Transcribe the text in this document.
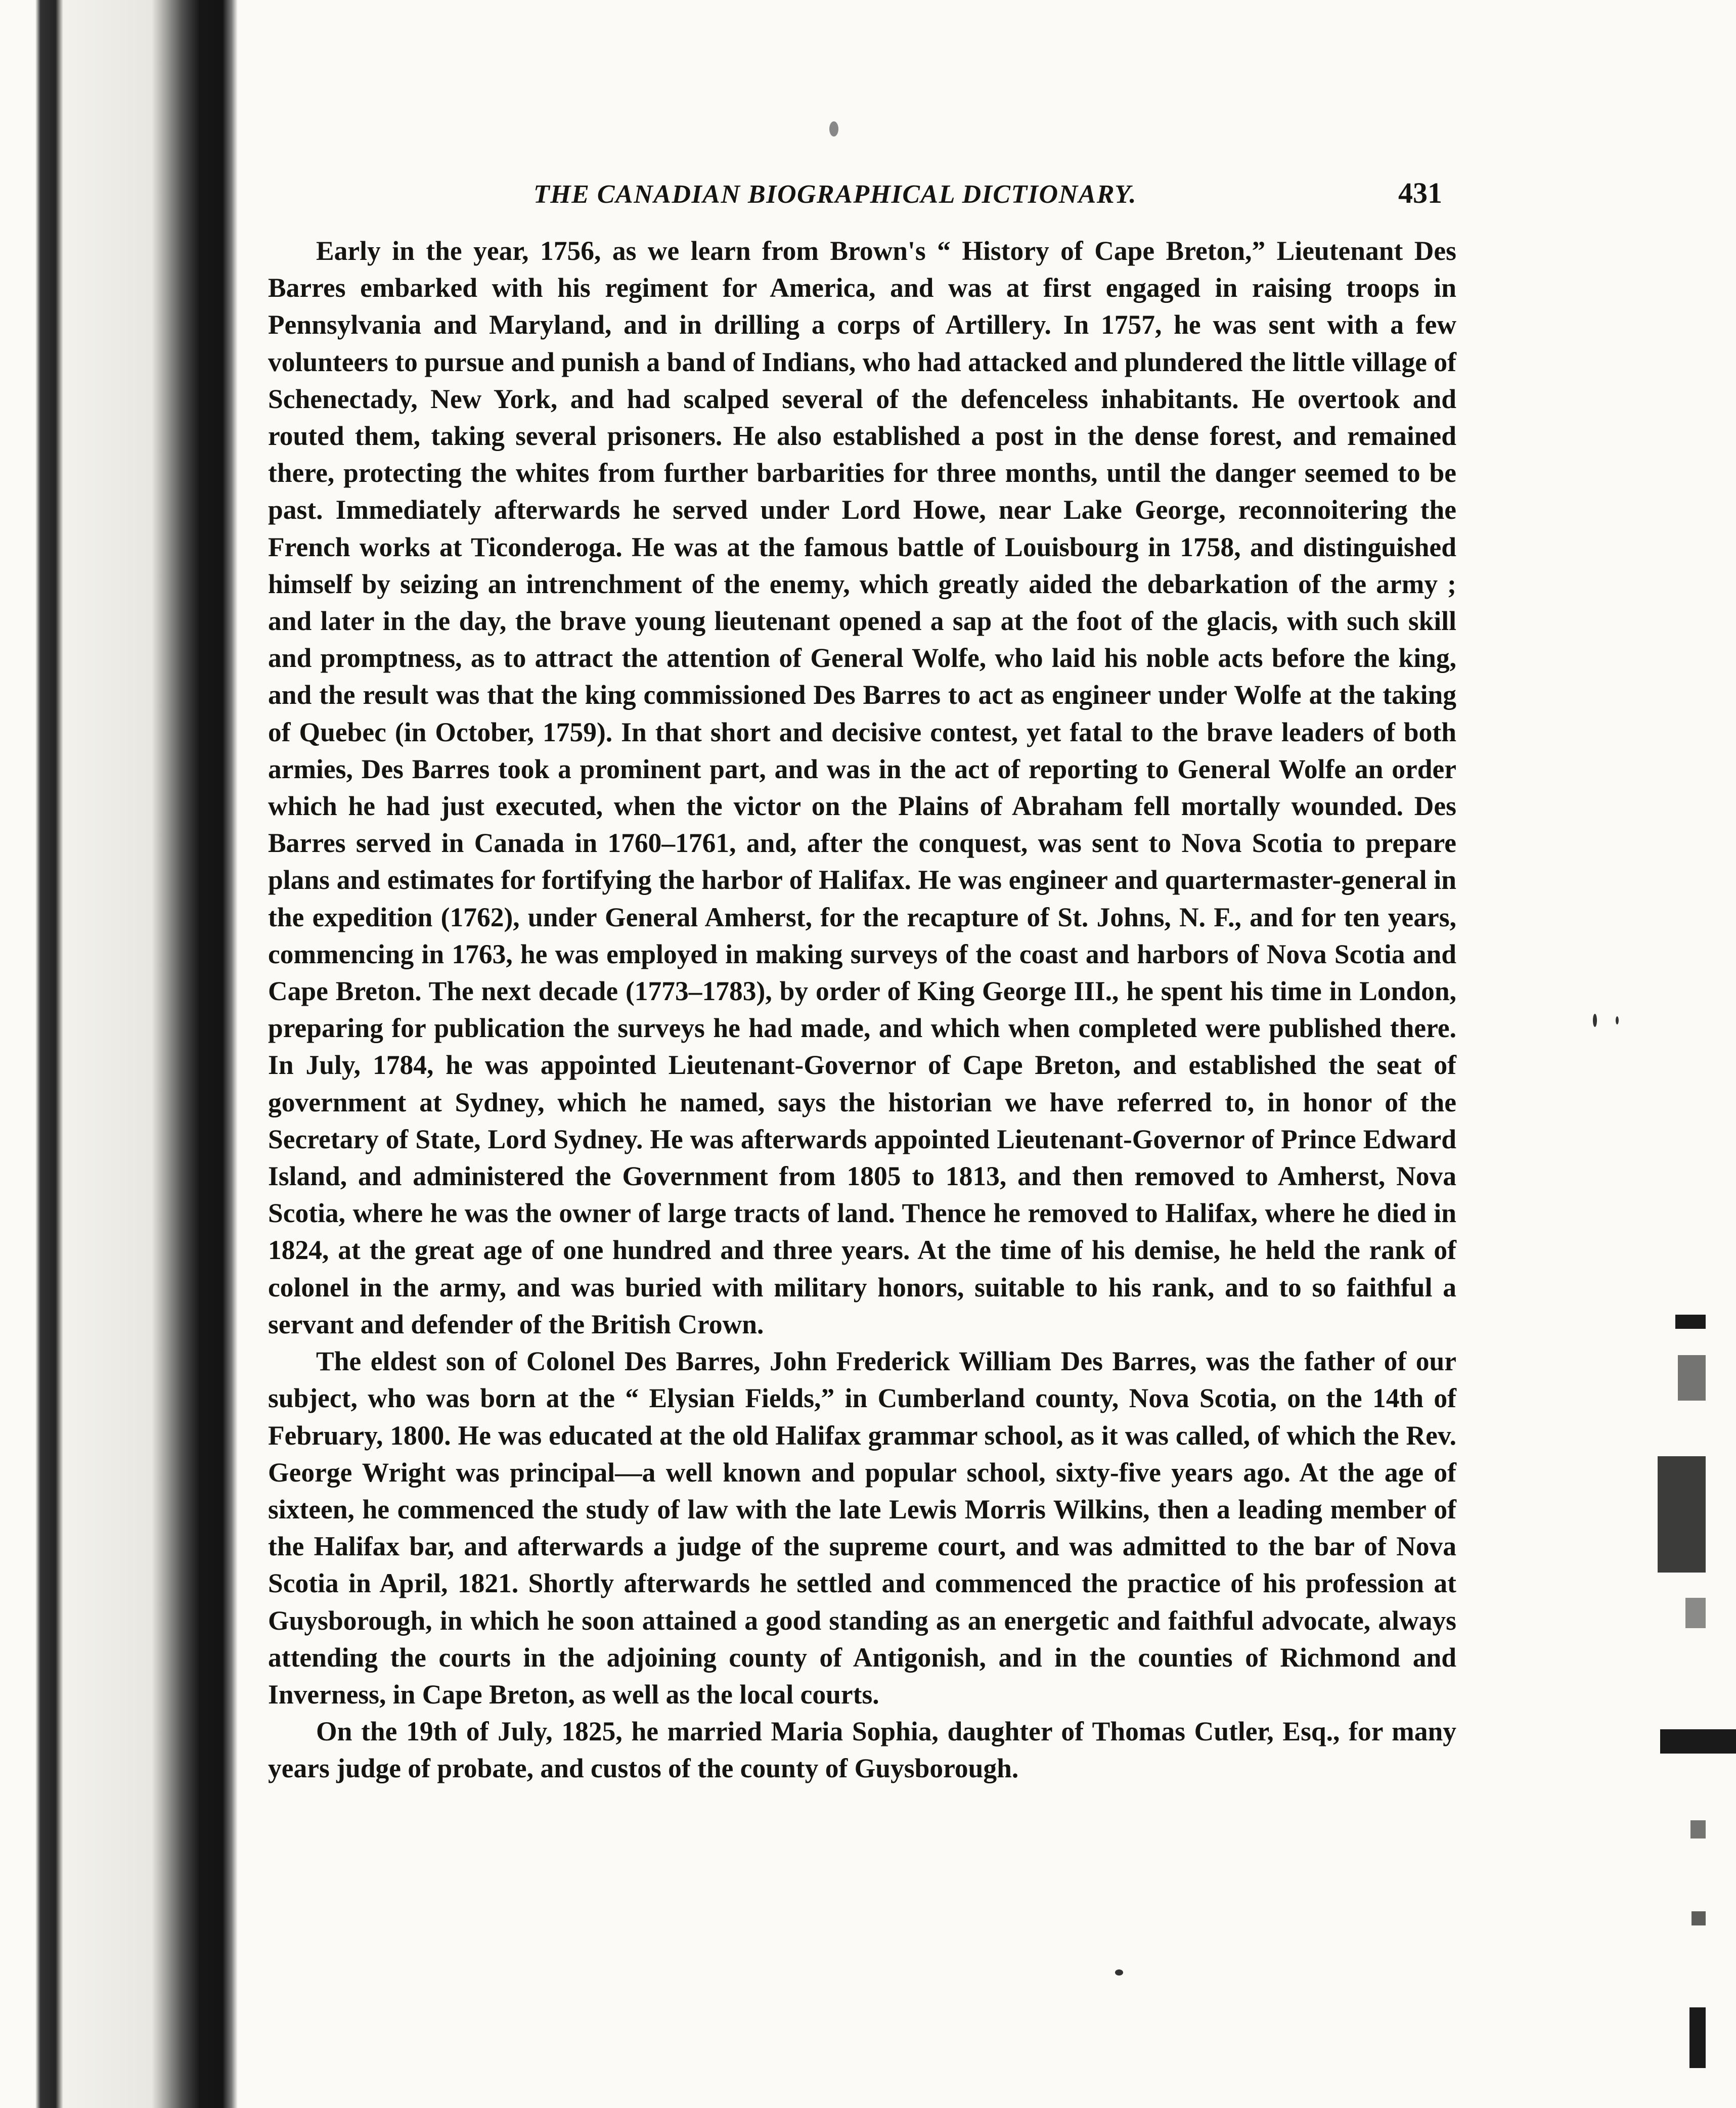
THE CANADIAN BIOGRAPHICAL DICTIONARY.	431

Early in the year, 1756, as we learn from Brown's “ History of Cape Breton,” Lieutenant Des Barres embarked with his regiment for America, and was at first engaged in raising troops in Pennsylvania and Maryland, and in drilling a corps of Artillery. In 1757, he was sent with a few volunteers to pursue and punish a band of Indians, who had attacked and plundered the little village of Schenectady, New York, and had scalped several of the defenceless inhabitants. He overtook and routed them, taking several prisoners. He also established a post in the dense forest, and remained there, protecting the whites from further barbarities for three months, until the danger seemed to be past. Immediately afterwards he served under Lord Howe, near Lake George, reconnoitering the French works at Ticonderoga. He was at the famous battle of Louisbourg in 1758, and distinguished himself by seizing an intrenchment of the enemy, which greatly aided the debarkation of the army ; and later in the day, the brave young lieutenant opened a sap at the foot of the glacis, with such skill and promptness, as to attract the attention of General Wolfe, who laid his noble acts before the king, and the result was that the king commissioned Des Barres to act as engineer under Wolfe at the taking of Quebec (in October, 1759). In that short and decisive contest, yet fatal to the brave leaders of both armies, Des Barres took a prominent part, and was in the act of reporting to General Wolfe an order which he had just executed, when the victor on the Plains of Abraham fell mortally wounded. Des Barres served in Canada in 1760–1761, and, after the conquest, was sent to Nova Scotia to prepare plans and estimates for fortifying the harbor of Halifax. He was engineer and quartermaster-general in the expedition (1762), under General Amherst, for the recapture of St. Johns, N. F., and for ten years, commencing in 1763, he was employed in making surveys of the coast and harbors of Nova Scotia and Cape Breton. The next decade (1773–1783), by order of King George III., he spent his time in London, preparing for publication the surveys he had made, and which when completed were published there. In July, 1784, he was appointed Lieutenant-Governor of Cape Breton, and established the seat of government at Sydney, which he named, says the historian we have referred to, in honor of the Secretary of State, Lord Sydney. He was afterwards appointed Lieutenant-Governor of Prince Edward Island, and administered the Government from 1805 to 1813, and then removed to Amherst, Nova Scotia, where he was the owner of large tracts of land. Thence he removed to Halifax, where he died in 1824, at the great age of one hundred and three years. At the time of his demise, he held the rank of colonel in the army, and was buried with military honors, suitable to his rank, and to so faithful a servant and defender of the British Crown.

The eldest son of Colonel Des Barres, John Frederick William Des Barres, was the father of our subject, who was born at the “ Elysian Fields,” in Cumberland county, Nova Scotia, on the 14th of February, 1800. He was educated at the old Halifax grammar school, as it was called, of which the Rev. George Wright was principal—a well known and popular school, sixty-five years ago. At the age of sixteen, he commenced the study of law with the late Lewis Morris Wilkins, then a leading member of the Halifax bar, and afterwards a judge of the supreme court, and was admitted to the bar of Nova Scotia in April, 1821. Shortly afterwards he settled and commenced the practice of his profession at Guysborough, in which he soon attained a good standing as an energetic and faithful advocate, always attending the courts in the adjoining county of Antigonish, and in the counties of Richmond and Inverness, in Cape Breton, as well as the local courts.

On the 19th of July, 1825, he married Maria Sophia, daughter of Thomas Cutler, Esq., for many years judge of probate, and custos of the county of Guysborough.
